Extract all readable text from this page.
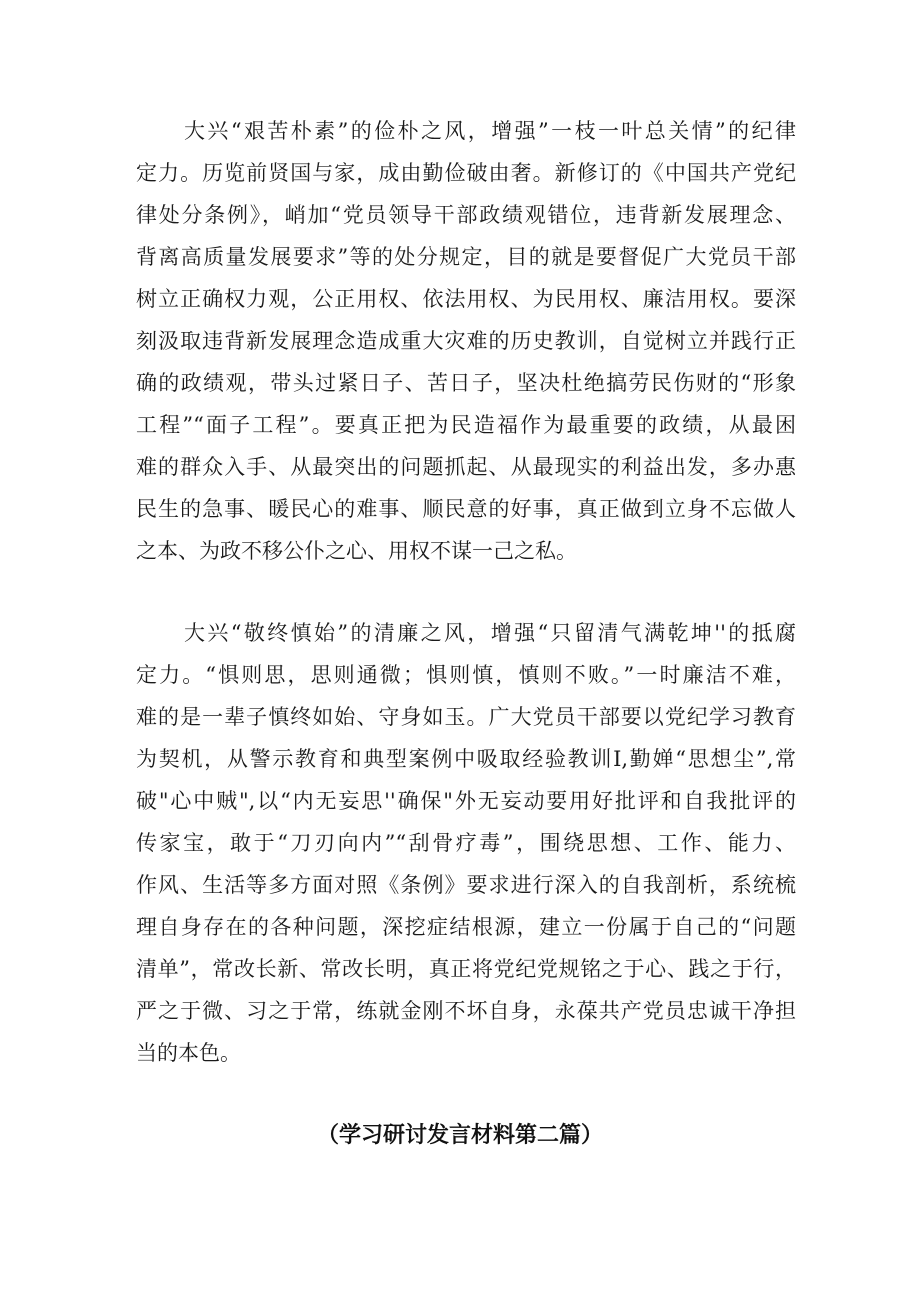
大兴“艰苦朴素”的俭朴之风，增强”一枝一叶总关情”的纪律
定力。历览前贤国与家，成由勤俭破由奢。新修订的《中国共产党纪
律处分条例》，峭加“党员领导干部政绩观错位，违背新发展理念、
背离高质量发展要求”等的处分规定，目的就是要督促广大党员干部
树立正确权力观，公正用权、依法用权、为民用权、廉洁用权。要深
刻汲取违背新发展理念造成重大灾难的历史教训，自觉树立并践行正
确的政绩观，带头过紧日子、苦日子，坚决杜绝搞劳民伤财的“形象
工程”“面子工程”。要真正把为民造福作为最重要的政绩，从最困
难的群众入手、从最突出的问题抓起、从最现实的利益出发，多办惠
民生的急事、暖民心的难事、顺民意的好事，真正做到立身不忘做人
之本、为政不移公仆之心、用权不谋一己之私。
大兴“敬终慎始”的清廉之风，增强“只留清气满乾坤''的抵腐
定力。“惧则思，思则通微；惧则慎，慎则不败。”一时廉洁不难，
难的是一辈子慎终如始、守身如玉。广大党员干部要以党纪学习教育
为契机，从警示教育和典型案例中吸取经验教训I,勤婵“思想尘”,常
破"心中贼",以“内无妄思''确保"外无妄动要用好批评和自我批评的
传家宝，敢于“刀刃向内”“刮骨疗毒”，围绕思想、工作、能力、
作风、生活等多方面对照《条例》要求进行深入的自我剖析，系统梳
理自身存在的各种问题，深挖症结根源，建立一份属于自己的“问题
清单”，常改长新、常改长明，真正将党纪党规铭之于心、践之于行，
严之于微、习之于常，练就金刚不坏自身，永葆共产党员忠诚干净担
当的本色。
（学习研讨发言材料第二篇）
